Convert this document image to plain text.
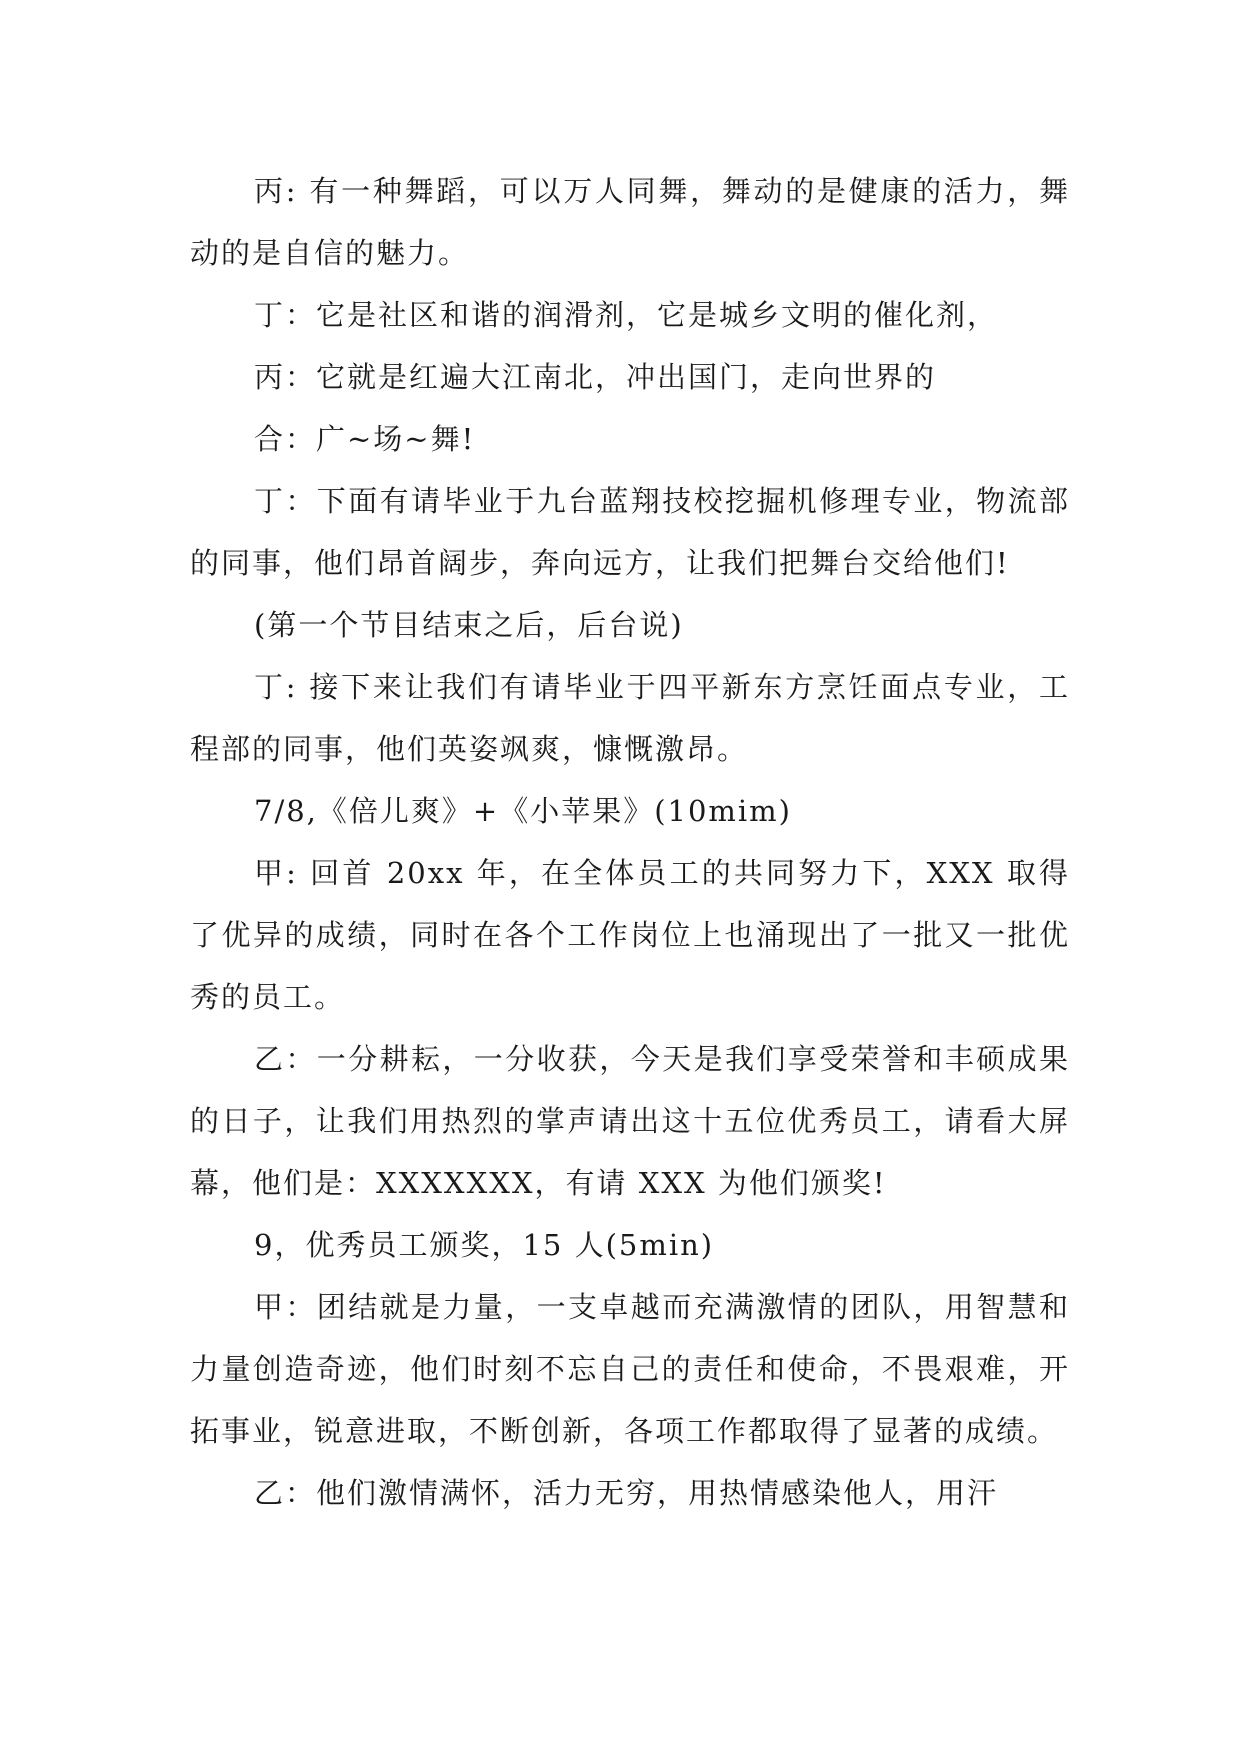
丙: 有一种舞蹈，可以万人同舞，舞动的是健康的活力，舞动的是自信的魅力。

丁：它是社区和谐的润滑剂，它是城乡文明的催化剂，

丙：它就是红遍大江南北，冲出国门，走向世界的

合：广~场~舞!

丁：下面有请毕业于九台蓝翔技校挖掘机修理专业，物流部的同事，他们昂首阔步，奔向远方，让我们把舞台交给他们!

(第一个节目结束之后，后台说)

丁: 接下来让我们有请毕业于四平新东方烹饪面点专业，工程部的同事，他们英姿飒爽，慷慨激昂。

7/8,《倍儿爽》+《小苹果》(10mim)

甲: 回首 20xx 年，在全体员工的共同努力下，XXX 取得了优异的成绩，同时在各个工作岗位上也涌现出了一批又一批优秀的员工。

乙：一分耕耘，一分收获，今天是我们享受荣誉和丰硕成果的日子，让我们用热烈的掌声请出这十五位优秀员工，请看大屏幕，他们是：XXXXXXX，有请 XXX 为他们颁奖!

9，优秀员工颁奖，15 人(5min)

甲：团结就是力量，一支卓越而充满激情的团队，用智慧和力量创造奇迹，他们时刻不忘自己的责任和使命，不畏艰难，开拓事业，锐意进取，不断创新，各项工作都取得了显著的成绩。

乙：他们激情满怀，活力无穷，用热情感染他人，用汗
